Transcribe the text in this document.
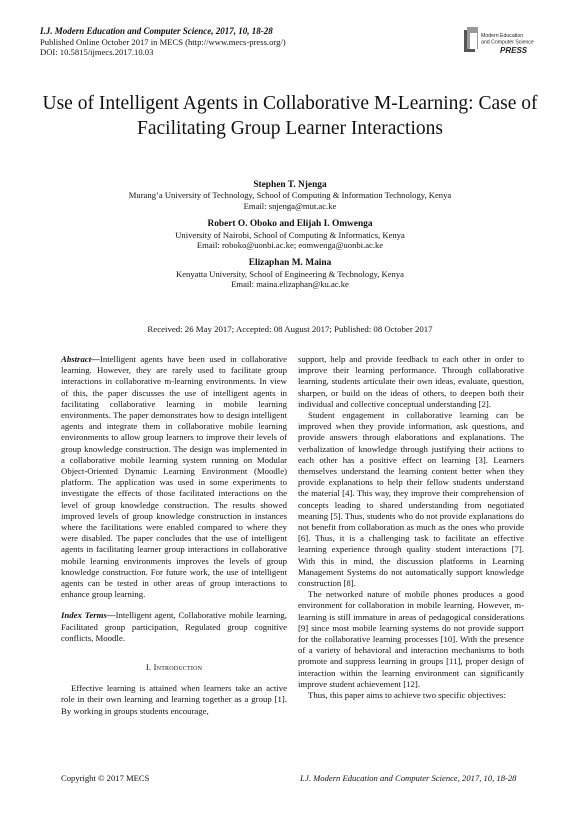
I.J. Modern Education and Computer Science, 2017, 10, 18-28
Published Online October 2017 in MECS (http://www.mecs-press.org/)
DOI: 10.5815/ijmecs.2017.10.03
Modern Education
and Computer Science
PRESS
Use of Intelligent Agents in Collaborative M-Learning: Case of Facilitating Group Learner Interactions
Stephen T. Njenga
Murang’a University of Technology, School of Computing & Information Technology, Kenya
Email: snjenga@mut.ac.ke
Robert O. Oboko and Elijah I. Omwenga
University of Nairobi, School of Computing & Informatics, Kenya
Email: roboko@uonbi.ac.ke; eomwenga@uonbi.ac.ke
Elizaphan M. Maina
Kenyatta University, School of Engineering & Technology, Kenya
Email: maina.elizaphan@ku.ac.ke
Received: 26 May 2017; Accepted: 08 August 2017; Published: 08 October 2017

Abstract—Intelligent agents have been used in collaborative learning. However, they are rarely used to facilitate group interactions in collaborative m-learning environments. In view of this, the paper discusses the use of intelligent agents in facilitating collaborative learning in mobile learning environments. The paper demonstrates how to design intelligent agents and integrate them in collaborative mobile learning environments to allow group learners to improve their levels of group knowledge construction. The design was implemented in a collaborative mobile learning system running on Modular Object-Oriented Dynamic Learning Environment (Moodle) platform. The application was used in some experiments to investigate the effects of those facilitated interactions on the level of group knowledge construction. The results showed improved levels of group knowledge construction in instances where the facilitations were enabled compared to where they were disabled. The paper concludes that the use of intelligent agents in facilitating learner group interactions in collaborative mobile learning environments improves the levels of group knowledge construction. For future work, the use of intelligent agents can be tested in other areas of group interactions to enhance group learning.

Index Terms—Intelligent agent, Collaborative mobile learning, Facilitated group participation, Regulated group cognitive conflicts, Moodle.

I. Introduction

Effective learning is attained when learners take an active role in their own learning and learning together as a group [1]. By working in groups students encourage,

support, help and provide feedback to each other in order to improve their learning performance. Through collaborative learning, students articulate their own ideas, evaluate, question, sharpen, or build on the ideas of others, to deepen both their individual and collective conceptual understanding [2].

Student engagement in collaborative learning can be improved when they provide information, ask questions, and provide answers through elaborations and explanations. The verbalization of knowledge through justifying their actions to each other has a positive effect on learning [3]. Learners themselves understand the learning content better when they provide explanations to help their fellow students understand the material [4]. This way, they improve their comprehension of concepts leading to shared understanding from negotiated meaning [5]. Thus, students who do not provide explanations do not benefit from collaboration as much as the ones who provide [6]. Thus, it is a challenging task to facilitate an effective learning experience through quality student interactions [7]. With this in mind, the discussion platforms in Learning Management Systems do not automatically support knowledge construction [8].

The networked nature of mobile phones produces a good environment for collaboration in mobile learning. However, m-learning is still immature in areas of pedagogical considerations [9] since most mobile learning systems do not provide support for the collaborative learning processes [10]. With the presence of a variety of behavioral and interaction mechanisms to both promote and suppress learning in groups [11], proper design of interaction within the learning environment can significantly improve student achievement [12].

Thus, this paper aims to achieve two specific objectives:

Copyright © 2017 MECS	I.J. Modern Education and Computer Science, 2017, 10, 18-28
